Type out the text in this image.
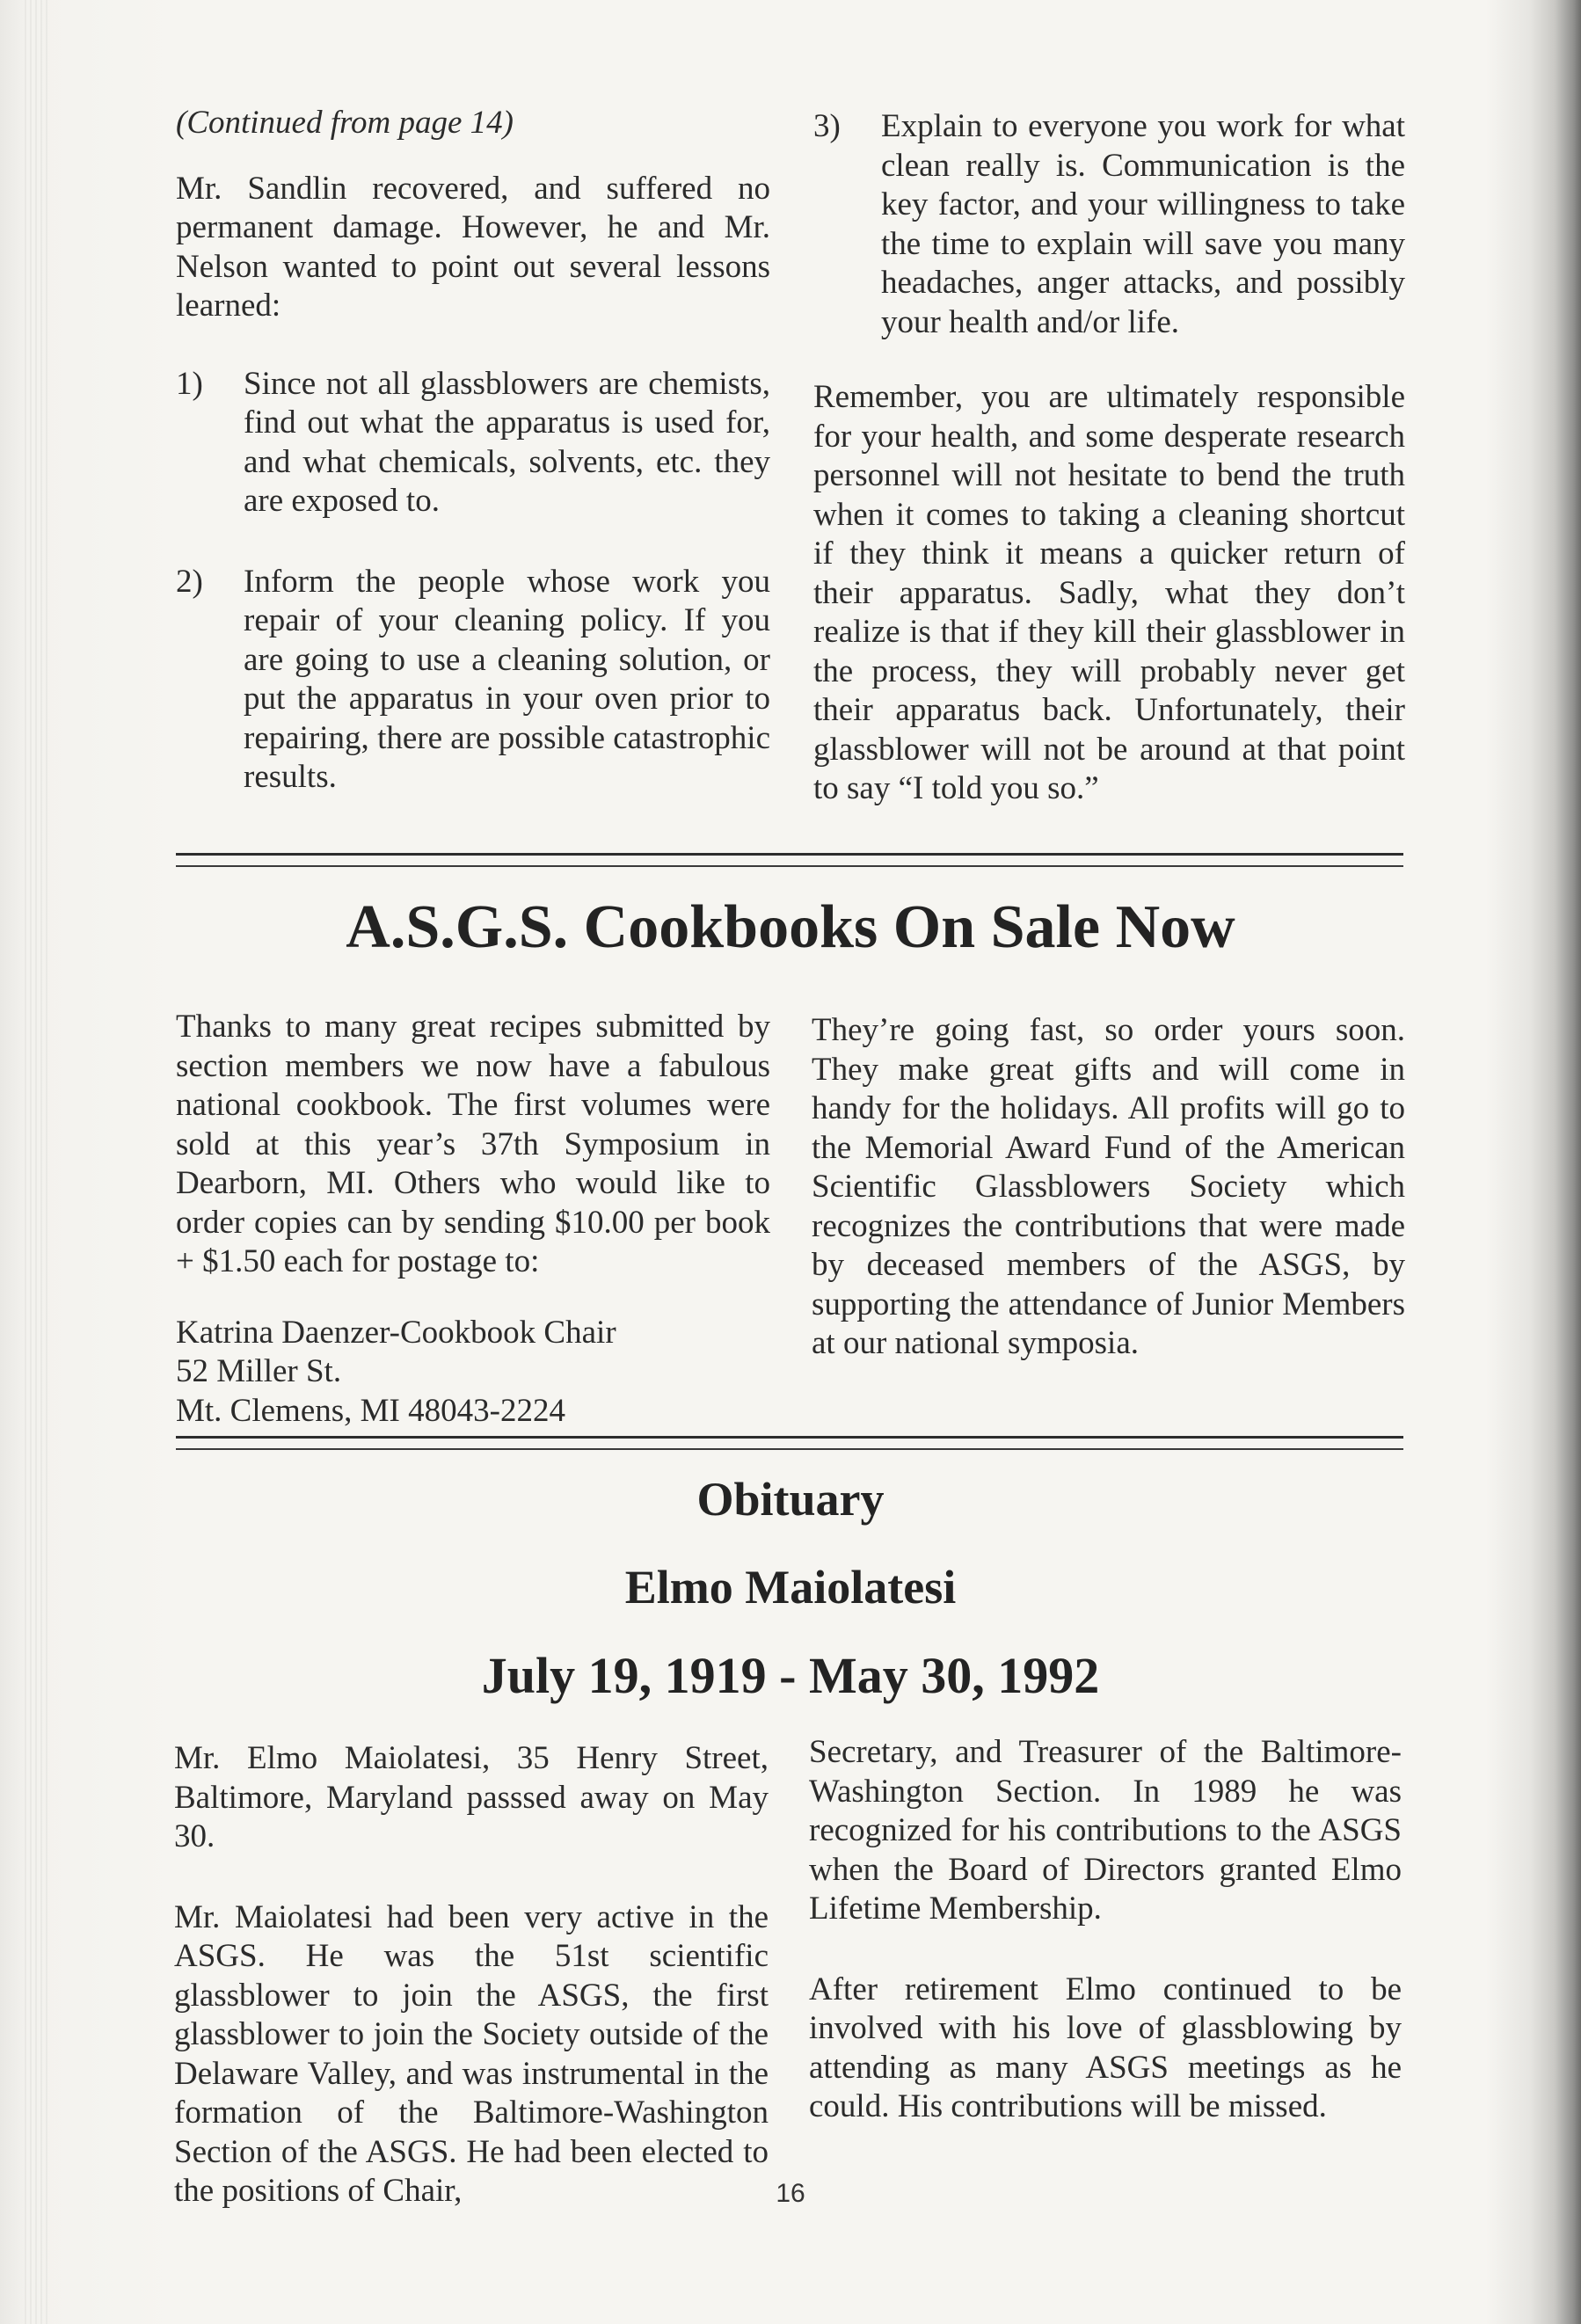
(Continued from page 14)

Mr. Sandlin recovered, and suffered no permanent damage. However, he and Mr. Nelson wanted to point out several lessons learned:

1) Since not all glassblowers are chemists, find out what the apparatus is used for, and what chemicals, solvents, etc. they are exposed to.

2) Inform the people whose work you repair of your cleaning policy. If you are going to use a cleaning solution, or put the apparatus in your oven prior to repairing, there are possible catastrophic results.

3) Explain to everyone you work for what clean really is. Communication is the key factor, and your willingness to take the time to explain will save you many headaches, anger attacks, and possibly your health and/or life.

Remember, you are ultimately responsible for your health, and some desperate research personnel will not hesitate to bend the truth when it comes to taking a cleaning shortcut if they think it means a quicker return of their apparatus. Sadly, what they don’t realize is that if they kill their glassblower in the process, they will probably never get their apparatus back. Unfortunately, their glassblower will not be around at that point to say “I told you so.”

A.S.G.S. Cookbooks On Sale Now

Thanks to many great recipes submitted by section members we now have a fabulous national cookbook. The first volumes were sold at this year’s 37th Symposium in Dearborn, MI. Others who would like to order copies can by sending $10.00 per book + $1.50 each for postage to:

Katrina Daenzer-Cookbook Chair

52 Miller St.

Mt. Clemens, MI 48043-2224

They’re going fast, so order yours soon. They make great gifts and will come in handy for the holidays. All profits will go to the Memorial Award Fund of the American Scientific Glassblowers Society which recognizes the contributions that were made by deceased members of the ASGS, by supporting the attendance of Junior Members at our national symposia.

Obituary
Elmo Maiolatesi
July 19, 1919 - May 30, 1992

Mr. Elmo Maiolatesi, 35 Henry Street, Baltimore, Maryland passsed away on May 30.

Mr. Maiolatesi had been very active in the ASGS. He was the 51st scientific glassblower to join the ASGS, the first glassblower to join the Society outside of the Delaware Valley, and was instrumental in the formation of the Baltimore-Washington Section of the ASGS. He had been elected to the positions of Chair,

Secretary, and Treasurer of the Baltimore-Washington Section. In 1989 he was recognized for his contributions to the ASGS when the Board of Directors granted Elmo Lifetime Membership.

After retirement Elmo continued to be involved with his love of glassblowing by attending as many ASGS meetings as he could. His contributions will be missed.

16
